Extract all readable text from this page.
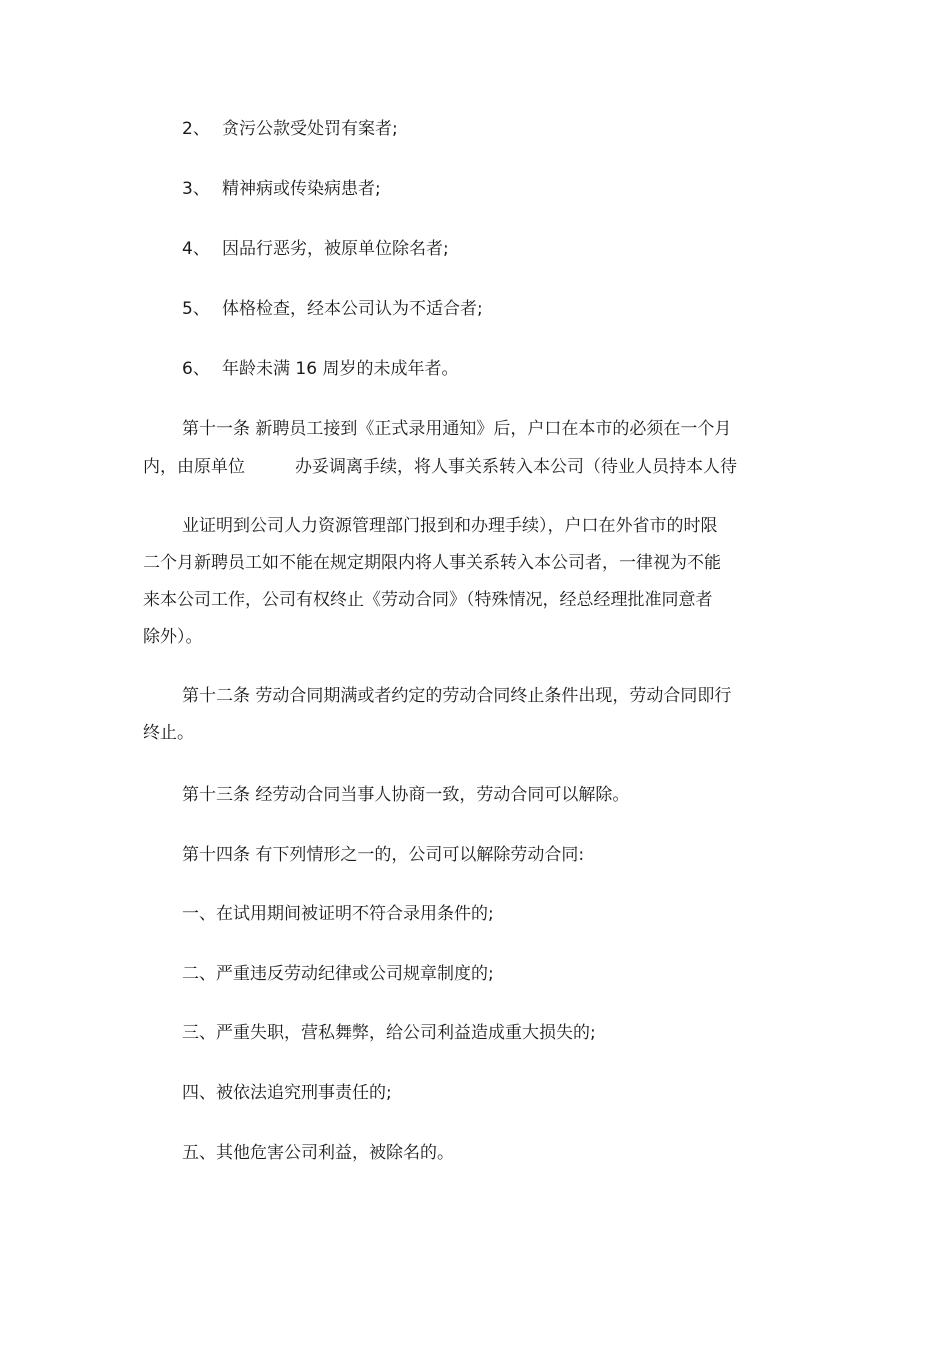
2、 贪污公款受处罚有案者;

3、 精神病或传染病患者;

4、 因品行恶劣，被原单位除名者;

5、 体格检查，经本公司认为不适合者;

6、 年龄未满 16 周岁的未成年者。

第十一条 新聘员工接到《正式录用通知》后，户口在本市的必须在一个月

内，由原单位	办妥调离手续，将人事关系转入本公司（待业人员持本人待

业证明到公司人力资源管理部门报到和办理手续），户口在外省市的时限

二个月新聘员工如不能在规定期限内将人事关系转入本公司者，一律视为不能

来本公司工作，公司有权终止《劳动合同》（特殊情况，经总经理批准同意者

除外）。

第十二条 劳动合同期满或者约定的劳动合同终止条件出现，劳动合同即行

终止。

第十三条 经劳动合同当事人协商一致，劳动合同可以解除。

第十四条 有下列情形之一的，公司可以解除劳动合同:

一、在试用期间被证明不符合录用条件的;

二、严重违反劳动纪律或公司规章制度的;

三、严重失职，营私舞弊，给公司利益造成重大损失的;

四、被依法追究刑事责任的;

五、其他危害公司利益，被除名的。
